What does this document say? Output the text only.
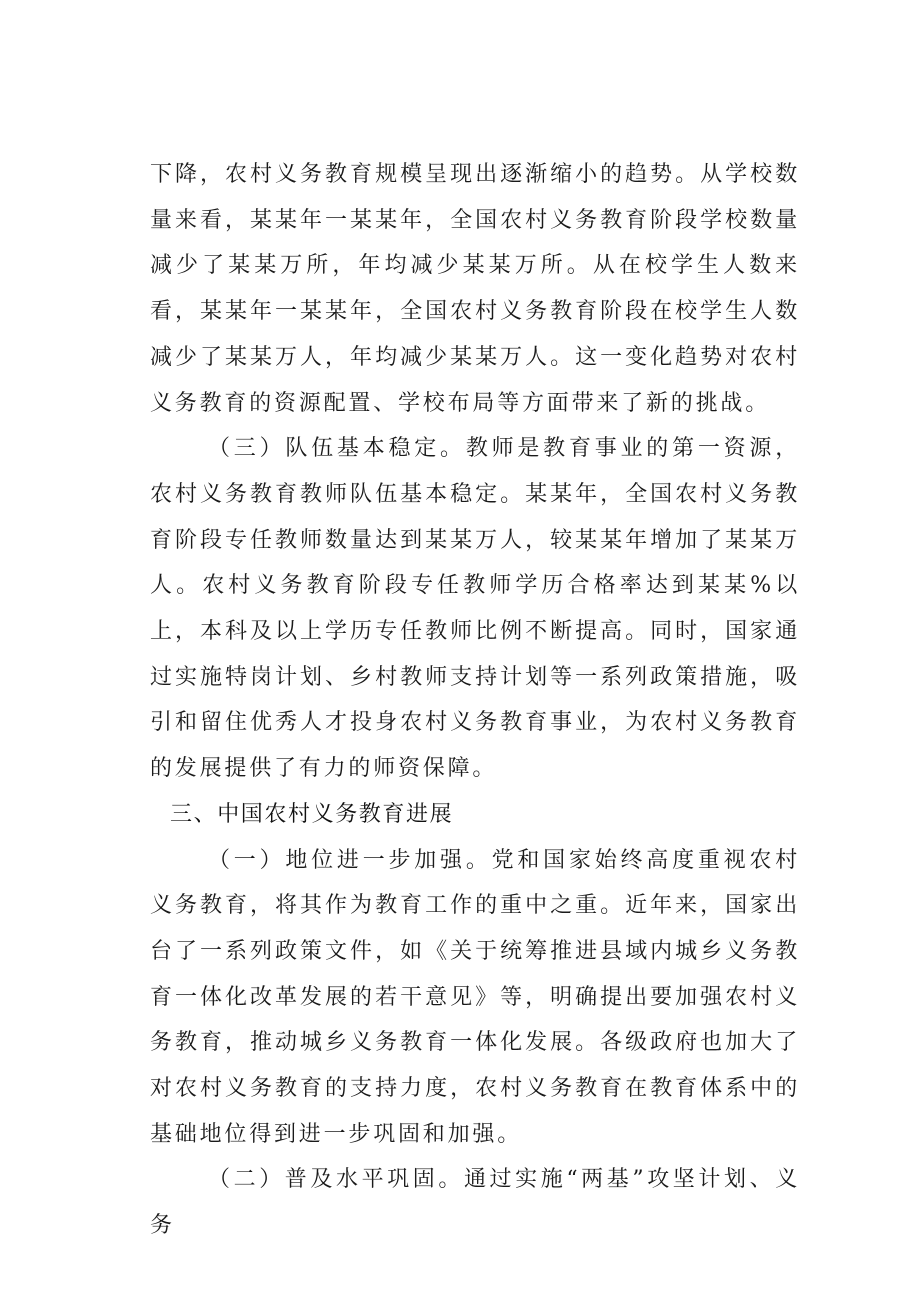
下降，农村义务教育规模呈现出逐渐缩小的趋势。从学校数量来看，某某年一某某年，全国农村义务教育阶段学校数量减少了某某万所，年均减少某某万所。从在校学生人数来看，某某年一某某年，全国农村义务教育阶段在校学生人数减少了某某万人，年均减少某某万人。这一变化趋势对农村义务教育的资源配置、学校布局等方面带来了新的挑战。

（三）队伍基本稳定。教师是教育事业的第一资源，农村义务教育教师队伍基本稳定。某某年，全国农村义务教育阶段专任教师数量达到某某万人，较某某年增加了某某万人。农村义务教育阶段专任教师学历合格率达到某某%以上，本科及以上学历专任教师比例不断提高。同时，国家通过实施特岗计划、乡村教师支持计划等一系列政策措施，吸引和留住优秀人才投身农村义务教育事业，为农村义务教育的发展提供了有力的师资保障。

三、中国农村义务教育进展

（一）地位进一步加强。党和国家始终高度重视农村义务教育，将其作为教育工作的重中之重。近年来，国家出台了一系列政策文件，如《关于统筹推进县域内城乡义务教育一体化改革发展的若干意见》等，明确提出要加强农村义务教育，推动城乡义务教育一体化发展。各级政府也加大了对农村义务教育的支持力度，农村义务教育在教育体系中的基础地位得到进一步巩固和加强。

（二）普及水平巩固。通过实施“两基”攻坚计划、义务
